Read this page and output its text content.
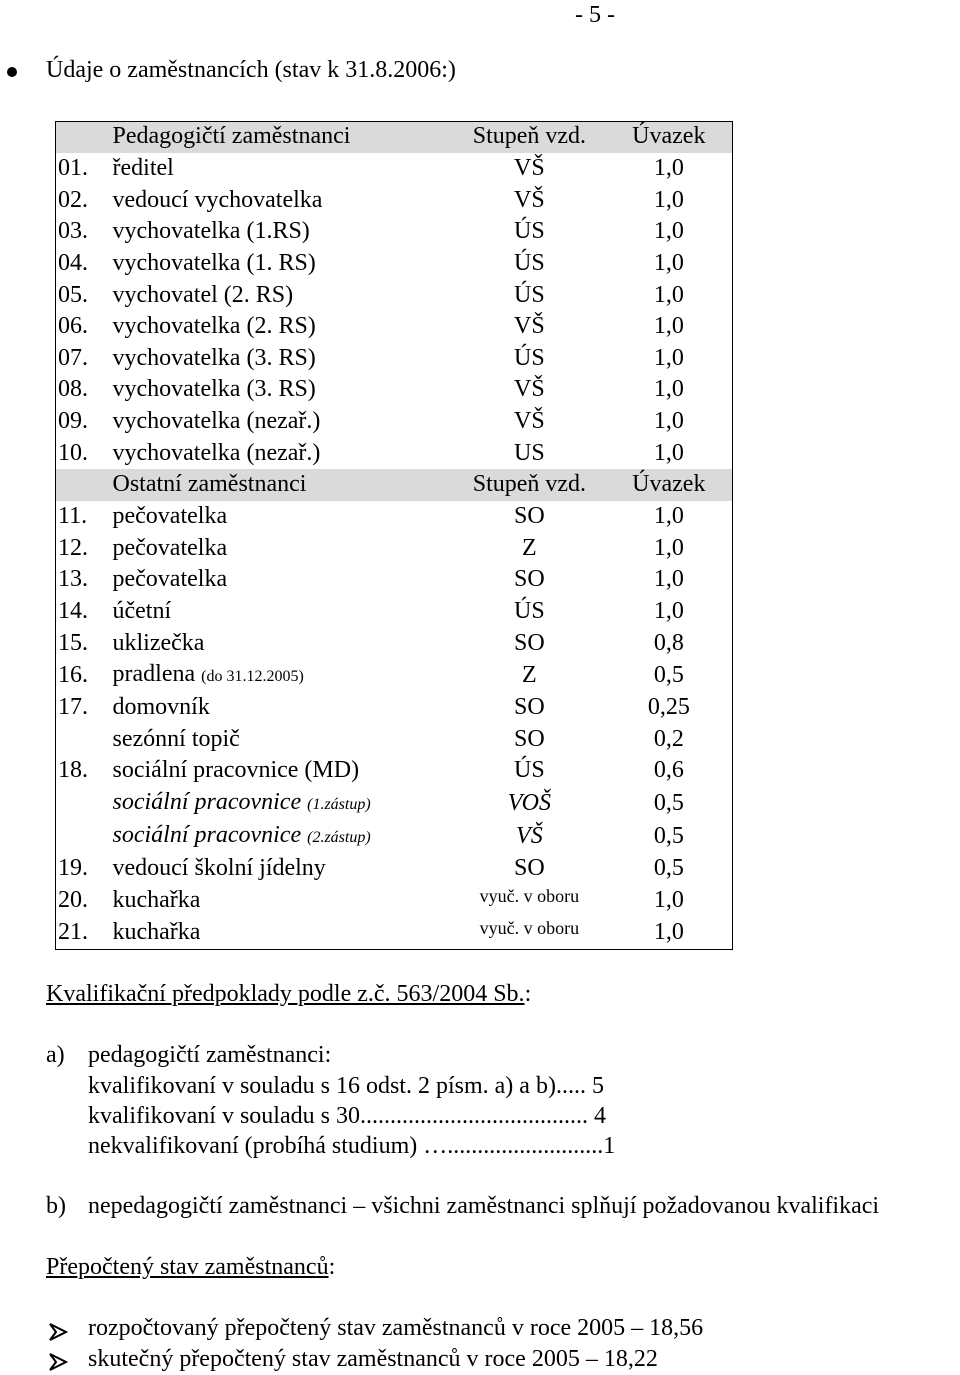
- 5 -
Údaje o zaměstnancích (stav k 31.8.2006:)
	Pedagogičtí zaměstnanci	Stupeň vzd.	Úvazek
01.	ředitel	VŠ	1,0
02.	vedoucí vychovatelka	VŠ	1,0
03.	vychovatelka (1.RS)	ÚS	1,0
04.	vychovatelka (1. RS)	ÚS	1,0
05.	vychovatel (2. RS)	ÚS	1,0
06.	vychovatelka (2. RS)	VŠ	1,0
07.	vychovatelka (3. RS)	ÚS	1,0
08.	vychovatelka (3. RS)	VŠ	1,0
09.	vychovatelka (nezař.)	VŠ	1,0
10.	vychovatelka (nezař.)	US	1,0
	Ostatní zaměstnanci	Stupeň vzd.	Úvazek
11.	pečovatelka	SO	1,0
12.	pečovatelka	Z	1,0
13.	pečovatelka	SO	1,0
14.	účetní	ÚS	1,0
15.	uklizečka	SO	0,8
16.	pradlena (do 31.12.2005)	Z	0,5
17.	domovník	SO	0,25
	sezónní topič	SO	0,2
18.	sociální pracovnice (MD)	ÚS	0,6
	sociální pracovnice (1.zástup)	VOŠ	0,5
	sociální pracovnice (2.zástup)	VŠ	0,5
19.	vedoucí školní jídelny	SO	0,5
20.	kuchařka	vyuč. v oboru	1,0
21.	kuchařka	vyuč. v oboru	1,0
Kvalifikační předpoklady podle z.č. 563/2004 Sb.:
a) pedagogičtí zaměstnanci:
kvalifikovaní v souladu s 16 odst. 2 písm. a) a b)..... 5
kvalifikovaní v souladu s 30...................................... 4
nekvalifikovaní (probíhá studium) …..........................1
b) nepedagogičtí zaměstnanci – všichni zaměstnanci splňují požadovanou kvalifikaci
Přepočtený stav zaměstnanců:
rozpočtovaný přepočtený stav zaměstnanců v roce 2005 – 18,56
skutečný přepočtený stav zaměstnanců v roce 2005 – 18,22
